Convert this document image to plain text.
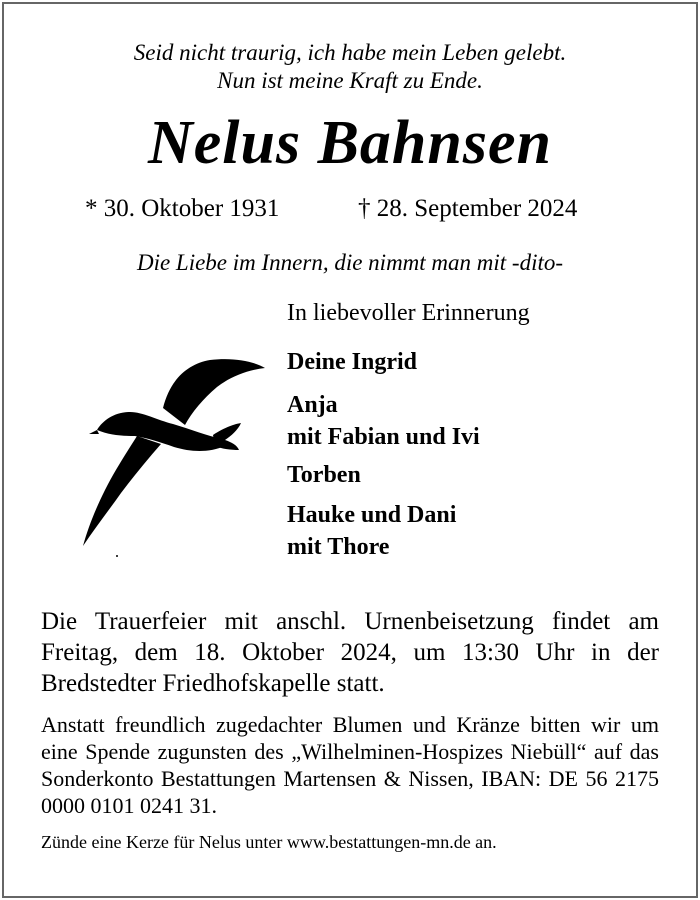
Seid nicht traurig, ich habe mein Leben gelebt.
Nun ist meine Kraft zu Ende.
Nelus Bahnsen
* 30. Oktober 1931	† 28. September 2024
Die Liebe im Innern, die nimmt man mit -dito-
In liebevoller Erinnerung
Deine Ingrid
Anja
mit Fabian und Ivi
Torben
Hauke und Dani
mit Thore
Die Trauerfeier mit anschl. Urnenbeisetzung findet am Freitag, dem 18. Oktober 2024, um 13:30 Uhr in der Bredstedter Friedhofskapelle statt.
Anstatt freundlich zugedachter Blumen und Kränze bitten wir um eine Spende zugunsten des „Wilhelminen-Hospizes Niebüll“ auf das Sonderkonto Bestattungen Martensen & Nissen, IBAN: DE 56 2175 0000 0101 0241 31.
Zünde eine Kerze für Nelus unter www.bestattungen-mn.de an.
